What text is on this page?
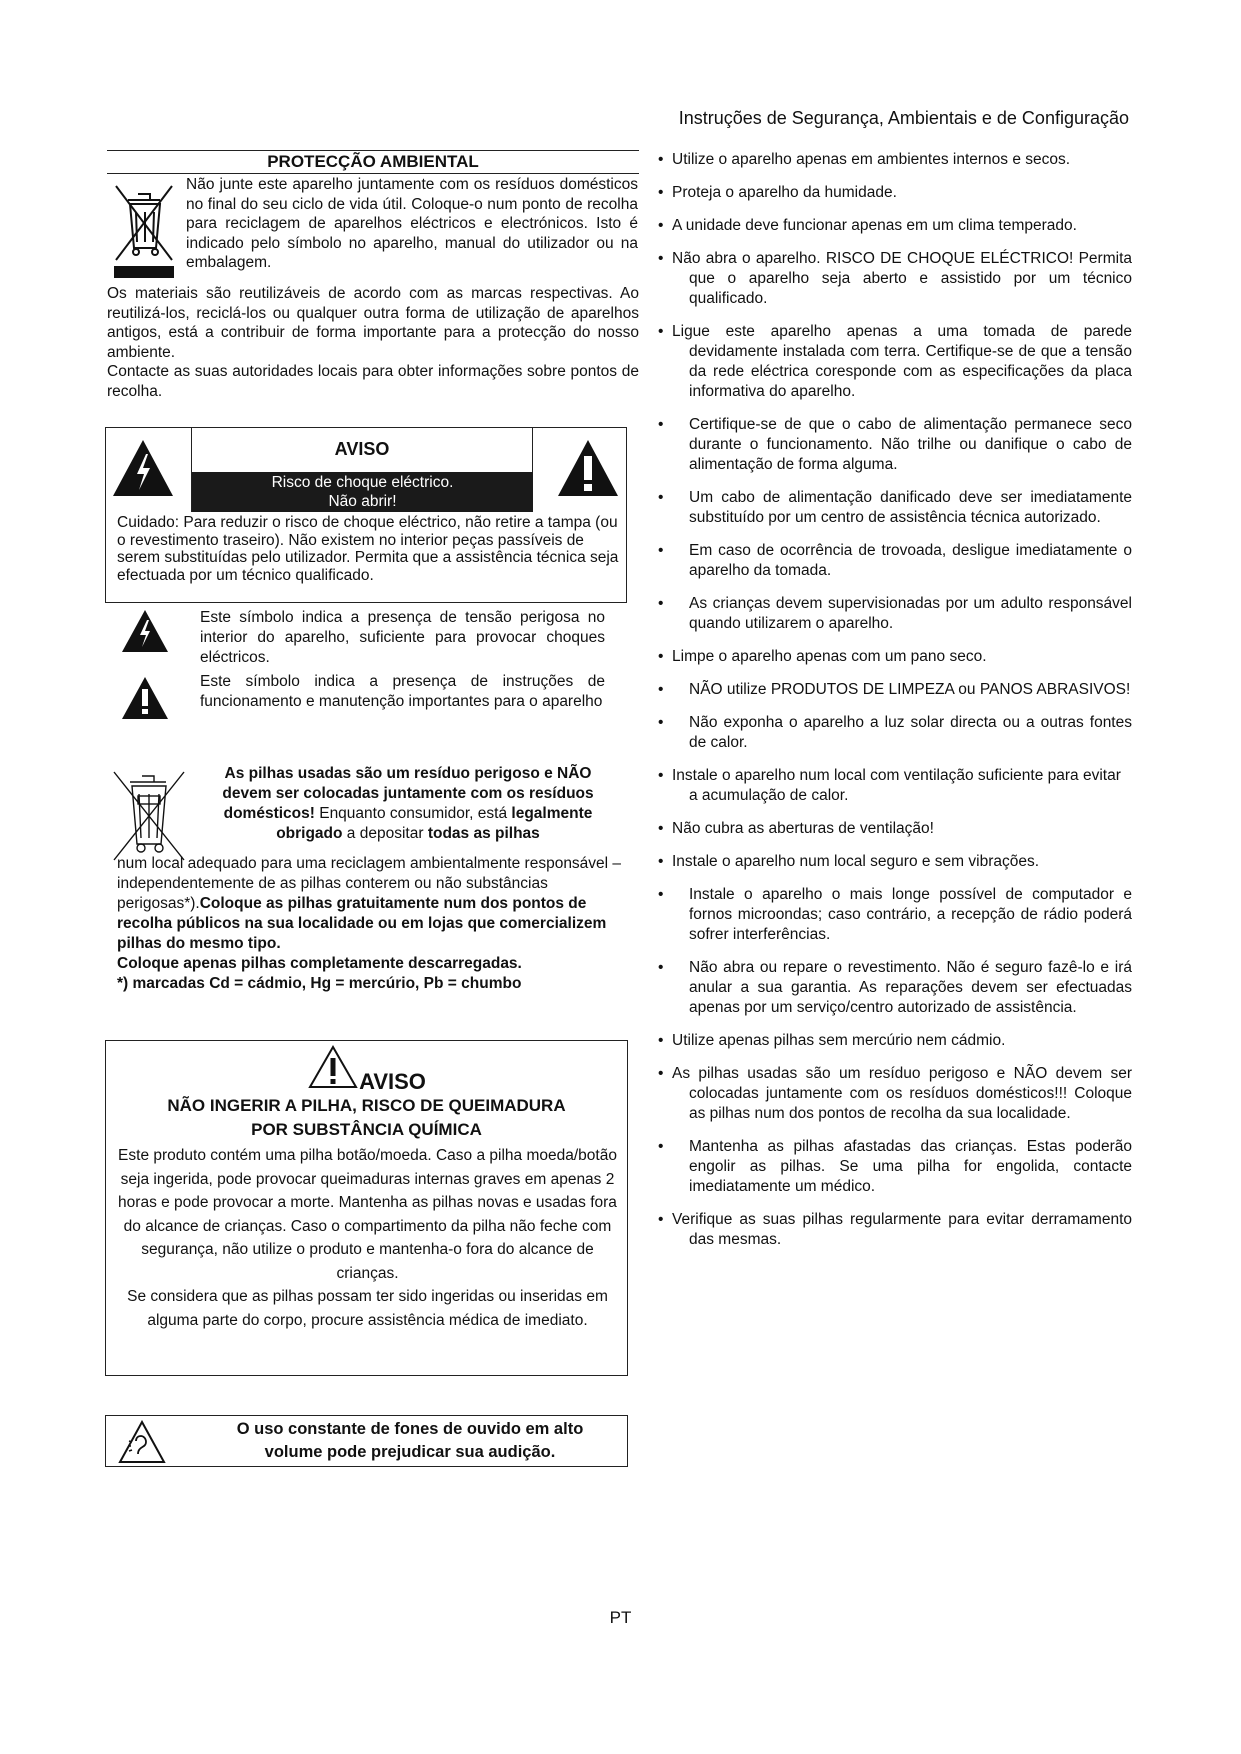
Instruções de Segurança, Ambientais e de Configuração
PROTECÇÃO AMBIENTAL
Não junte este aparelho juntamente com os resíduos domésticos no final do seu ciclo de vida útil. Coloque-o num ponto de recolha para reciclagem de aparelhos eléctricos e electrónicos. Isto é indicado pelo símbolo no aparelho, manual do utilizador ou na embalagem.

Os materiais são reutilizáveis de acordo com as marcas respectivas. Ao reutilizá-los, reciclá-los ou qualquer outra forma de utilização de aparelhos antigos, está a contribuir de forma importante para a protecção do nosso ambiente.

Contacte as suas autoridades locais para obter informações sobre pontos de recolha.

AVISO
Risco de choque eléctrico.
Não abrir!
Cuidado: Para reduzir o risco de choque eléctrico, não retire a tampa (ou o revestimento traseiro). Não existem no interior peças passíveis de serem substituídas pelo utilizador. Permita que a assistência técnica seja efectuada por um técnico qualificado.
Este símbolo indica a presença de tensão perigosa no interior do aparelho, suficiente para provocar choques eléctricos.
Este símbolo indica a presença de instruções de funcionamento e manutenção importantes para o aparelho
As pilhas usadas são um resíduo perigoso e NÃO devem ser colocadas juntamente com os resíduos domésticos! Enquanto consumidor, está legalmente obrigado a depositar todas as pilhas
num local adequado para uma reciclagem ambientalmente responsável – independentemente de as pilhas conterem ou não substâncias perigosas*).Coloque as pilhas gratuitamente num dos pontos de recolha públicos na sua localidade ou em lojas que comercializem pilhas do mesmo tipo.
Coloque apenas pilhas completamente descarregadas.
*) marcadas Cd = cádmio, Hg = mercúrio, Pb = chumbo
AVISO
NÃO INGERIR A PILHA, RISCO DE QUEIMADURA
POR SUBSTÂNCIA QUÍMICA

Este produto contém uma pilha botão/moeda. Caso a pilha moeda/botão seja ingerida, pode provocar queimaduras internas graves em apenas 2 horas e pode provocar a morte. Mantenha as pilhas novas e usadas fora do alcance de crianças. Caso o compartimento da pilha não feche com segurança, não utilize o produto e mantenha-o fora do alcance de crianças.

Se considera que as pilhas possam ter sido ingeridas ou inseridas em alguma parte do corpo, procure assistência médica de imediato.

O uso constante de fones de ouvido em alto
volume pode prejudicar sua audição.
• Utilize o aparelho apenas em ambientes internos e secos.
• Proteja o aparelho da humidade.
• A unidade deve funcionar apenas em um clima temperado.
• Não abra o aparelho. RISCO DE CHOQUE ELÉCTRICO! Permita que o aparelho seja aberto e assistido por um técnico qualificado.
• Ligue este aparelho apenas a uma tomada de parede devidamente instalada com terra. Certifique-se de que a tensão da rede eléctrica coresponde com as especificações da placa informativa do aparelho.
• Certifique-se de que o cabo de alimentação permanece seco durante o funcionamento. Não trilhe ou danifique o cabo de alimentação de forma alguma.
• Um cabo de alimentação danificado deve ser imediatamente substituído por um centro de assistência técnica autorizado.
• Em caso de ocorrência de trovoada, desligue imediatamente o aparelho da tomada.
• As crianças devem supervisionadas por um adulto responsável quando utilizarem o aparelho.
• Limpe o aparelho apenas com um pano seco.
• NÃO utilize PRODUTOS DE LIMPEZA ou PANOS ABRASIVOS!
• Não exponha o aparelho a luz solar directa ou a outras fontes de calor.
• Instale o aparelho num local com ventilação suficiente para evitar a acumulação de calor.
• Não cubra as aberturas de ventilação!
• Instale o aparelho num local seguro e sem vibrações.
• Instale o aparelho o mais longe possível de computador e fornos microondas; caso contrário, a recepção de rádio poderá sofrer interferências.
• Não abra ou repare o revestimento. Não é seguro fazê-lo e irá anular a sua garantia. As reparações devem ser efectuadas apenas por um serviço/centro autorizado de assistência.
• Utilize apenas pilhas sem mercúrio nem cádmio.
• As pilhas usadas são um resíduo perigoso e NÃO devem ser colocadas juntamente com os resíduos domésticos!!! Coloque as pilhas num dos pontos de recolha da sua localidade.
• Mantenha as pilhas afastadas das crianças. Estas poderão engolir as pilhas. Se uma pilha for engolida, contacte imediatamente um médico.
• Verifique as suas pilhas regularmente para evitar derramamento das mesmas.
PT
